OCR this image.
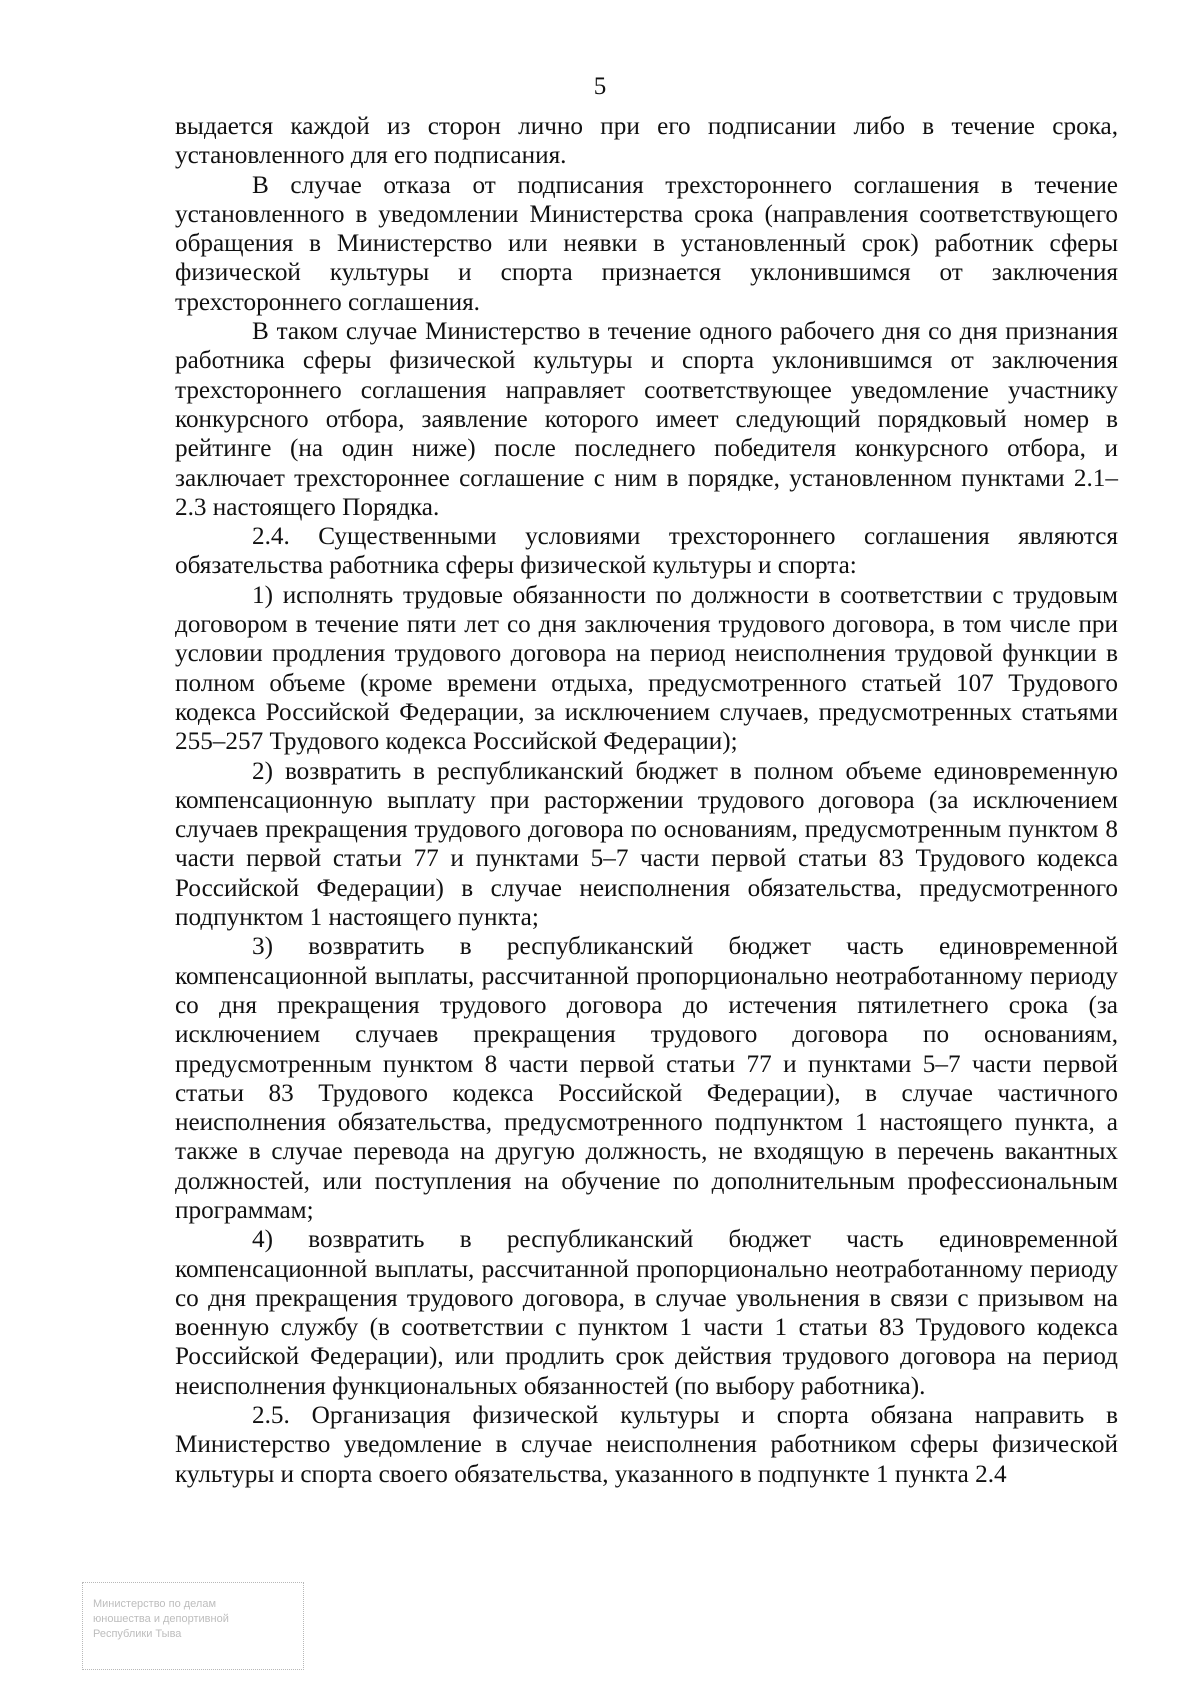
5

выдается каждой из сторон лично при его подписании либо в течение срока, установленного для его подписания.

В случае отказа от подписания трехстороннего соглашения в течение установленного в уведомлении Министерства срока (направления соответствующего обращения в Министерство или неявки в установленный срок) работник сферы физической культуры и спорта признается уклонившимся от заключения трехстороннего соглашения.

В таком случае Министерство в течение одного рабочего дня со дня признания работника сферы физической культуры и спорта уклонившимся от заключения трехстороннего соглашения направляет соответствующее уведомление участнику конкурсного отбора, заявление которого имеет следующий порядковый номер в рейтинге (на один ниже) после последнего победителя конкурсного отбора, и заключает трехстороннее соглашение с ним в порядке, установленном пунктами 2.1–2.3 настоящего Порядка.

2.4. Существенными условиями трехстороннего соглашения являются обязательства работника сферы физической культуры и спорта:

1) исполнять трудовые обязанности по должности в соответствии с трудовым договором в течение пяти лет со дня заключения трудового договора, в том числе при условии продления трудового договора на период неисполнения трудовой функции в полном объеме (кроме времени отдыха, предусмотренного статьей 107 Трудового кодекса Российской Федерации, за исключением случаев, предусмотренных статьями 255–257 Трудового кодекса Российской Федерации);

2) возвратить в республиканский бюджет в полном объеме единовременную компенсационную выплату при расторжении трудового договора (за исключением случаев прекращения трудового договора по основаниям, предусмотренным пунктом 8 части первой статьи 77 и пунктами 5–7 части первой статьи 83 Трудового кодекса Российской Федерации) в случае неисполнения обязательства, предусмотренного подпунктом 1 настоящего пункта;

3) возвратить в республиканский бюджет часть единовременной компенсационной выплаты, рассчитанной пропорционально неотработанному периоду со дня прекращения трудового договора до истечения пятилетнего срока (за исключением случаев прекращения трудового договора по основаниям, предусмотренным пунктом 8 части первой статьи 77 и пунктами 5–7 части первой статьи 83 Трудового кодекса Российской Федерации), в случае частичного неисполнения обязательства, предусмотренного подпунктом 1 настоящего пункта, а также в случае перевода на другую должность, не входящую в перечень вакантных должностей, или поступления на обучение по дополнительным профессиональным программам;

4) возвратить в республиканский бюджет часть единовременной компенсационной выплаты, рассчитанной пропорционально неотработанному периоду со дня прекращения трудового договора, в случае увольнения в связи с призывом на военную службу (в соответствии с пунктом 1 части 1 статьи 83 Трудового кодекса Российской Федерации), или продлить срок действия трудового договора на период неисполнения функциональных обязанностей (по выбору работника).

2.5. Организация физической культуры и спорта обязана направить в Министерство уведомление в случае неисполнения работником сферы физической культуры и спорта своего обязательства, указанного в подпункте 1 пункта 2.4

Министерство по делам
юношества и депортивной
Республики Тыва
